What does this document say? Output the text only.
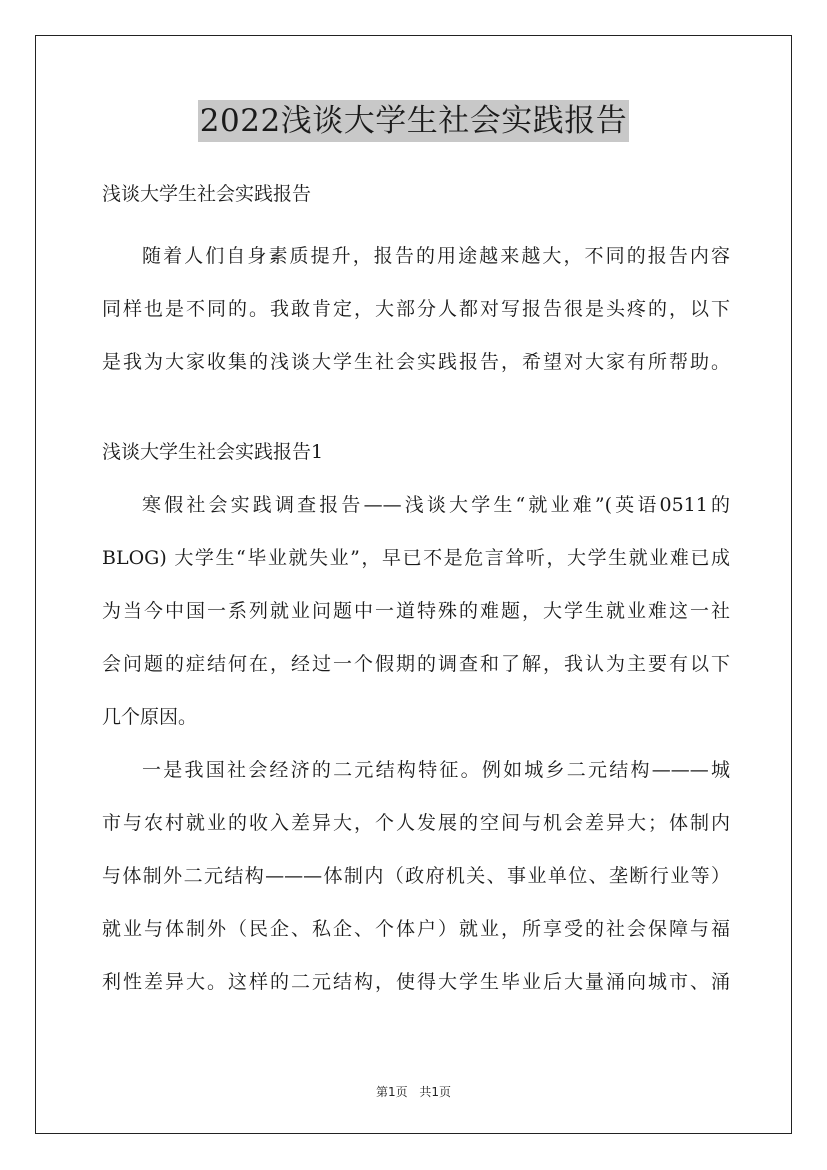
2022浅谈大学生社会实践报告

浅谈大学生社会实践报告

随着人们自身素质提升，报告的用途越来越大，不同的报告内容

同样也是不同的。我敢肯定，大部分人都对写报告很是头疼的，以下

是我为大家收集的浅谈大学生社会实践报告，希望对大家有所帮助。

浅谈大学生社会实践报告1

寒假社会实践调查报告——浅谈大学生“就业难”(英语0511的

BLOG) 大学生“毕业就失业”，早已不是危言耸听，大学生就业难已成

为当今中国一系列就业问题中一道特殊的难题，大学生就业难这一社

会问题的症结何在，经过一个假期的调查和了解，我认为主要有以下

几个原因。

一是我国社会经济的二元结构特征。例如城乡二元结构———城

市与农村就业的收入差异大，个人发展的空间与机会差异大；体制内

与体制外二元结构———体制内（政府机关、事业单位、垄断行业等）

就业与体制外（民企、私企、个体户）就业，所享受的社会保障与福

利性差异大。这样的二元结构，使得大学生毕业后大量涌向城市、涌

第1页 共1页
